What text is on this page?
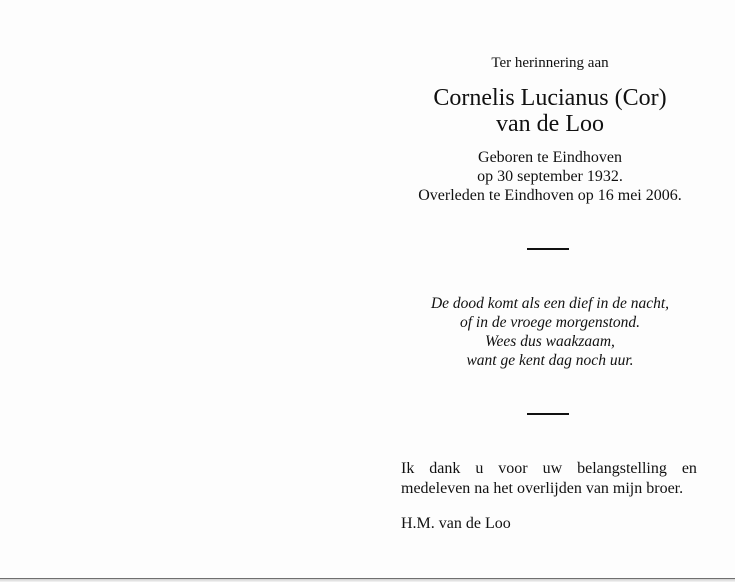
Ter herinnering aan
Cornelis Lucianus (Cor)
van de Loo
Geboren te Eindhoven
op 30 september 1932.
Overleden te Eindhoven op 16 mei 2006.
De dood komt als een dief in de nacht,
of in de vroege morgenstond.
Wees dus waakzaam,
want ge kent dag noch uur.
Ik dank u voor uw belangstelling en
medeleven na het overlijden van mijn broer.
H.M. van de Loo
